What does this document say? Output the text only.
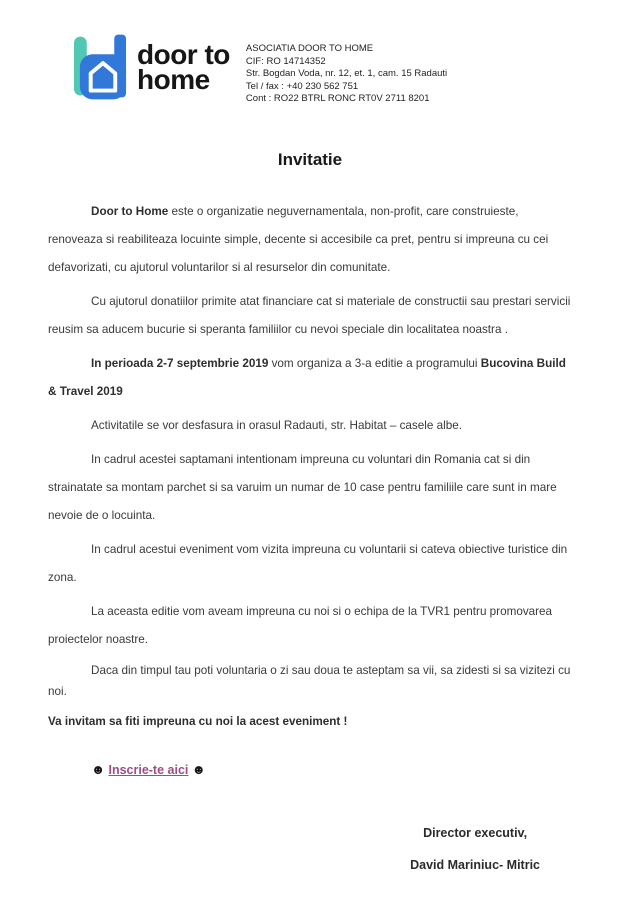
door to
home
ASOCIATIA DOOR TO HOME
CIF: RO 14714352
Str. Bogdan Voda, nr. 12, et. 1, cam. 15 Radauti
Tel / fax : +40 230 562 751
Cont : RO22 BTRL RONC RT0V 2711 8201
Invitatie

Door to Home este o organizatie neguvernamentala, non-profit, care construieste, renoveaza si reabiliteaza locuinte simple, decente si accesibile ca pret, pentru si impreuna cu cei defavorizati, cu ajutorul voluntarilor si al resurselor din comunitate.

Cu ajutorul donatiilor primite atat financiare cat si materiale de constructii sau prestari servicii reusim sa aducem bucurie si speranta familiilor cu nevoi speciale din localitatea noastra .

In perioada 2-7 septembrie 2019 vom organiza a 3-a editie a programului Bucovina Build & Travel 2019

Activitatile se vor desfasura in orasul Radauti, str. Habitat – casele albe.

In cadrul acestei saptamani intentionam impreuna cu voluntari din Romania cat si din strainatate sa montam parchet si sa varuim un numar de 10 case pentru familiile care sunt in mare nevoie de o locuinta.

In cadrul acestui eveniment vom vizita impreuna cu voluntarii si cateva obiective turistice din zona.

La aceasta editie vom aveam impreuna cu noi si o echipa de la TVR1 pentru promovarea proiectelor noastre.

Daca din timpul tau poti voluntaria o zi sau doua te asteptam sa vii, sa zidesti si sa vizitezi cu noi.

Va invitam sa fiti impreuna cu noi la acest eveniment !

☻ Inscrie-te aici ☻

Director executiv,
David Mariniuc- Mitric
